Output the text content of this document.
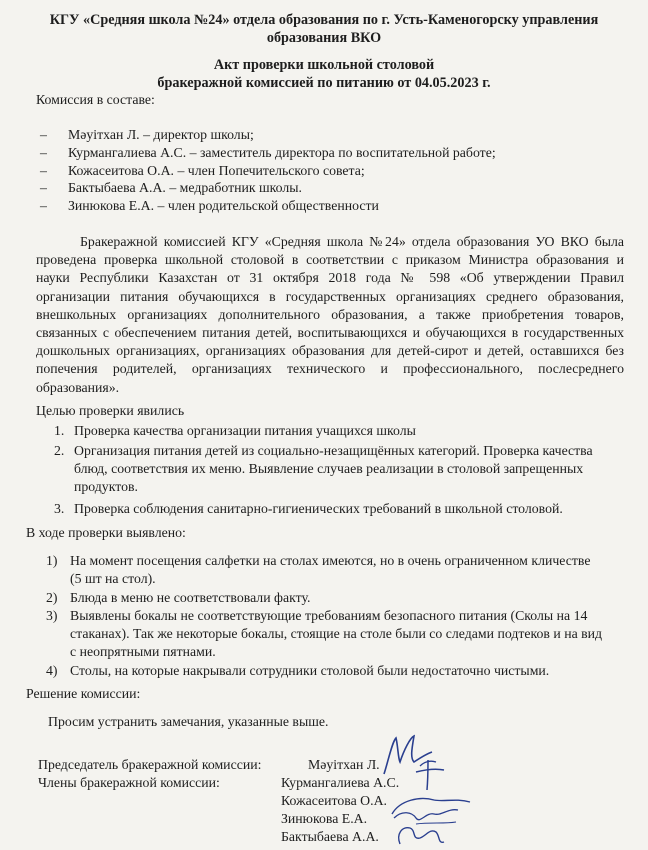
КГУ «Средняя школа №24» отдела образования по г. Усть-Каменогорску управления
образования ВКО
Акт проверки школьной столовой
бракеражной комиссией по питанию от 04.05.2023 г.
Комиссия в составе:
– Мәуітхан Л. – директор школы;
– Курмангалиева А.С. – заместитель директора по воспитательной работе;
– Кожасеитова О.А. – член Попечительского совета;
– Бактыбаева А.А. – медработник школы.
– Зинюкова Е.А. – член родительской общественности
Бракеражной комиссией КГУ «Средняя школа №24» отдела образования УО ВКО была
проведена проверка школьной столовой в соответствии с приказом Министра образования и
науки Республики Казахстан от 31 октября 2018 года № 598 «Об утверждении Правил
организации питания обучающихся в государственных организациях среднего образования,
внешкольных организациях дополнительного образования, а также приобретения товаров,
связанных с обеспечением питания детей, воспитывающихся и обучающихся в государственных
дошкольных организациях, организациях образования для детей-сирот и детей, оставшихся без
попечения родителей, организациях технического и профессионального, послесреднего
образования».
Целью проверки явились
1. Проверка качества организации питания учащихся школы
2. Организация питания детей из социально-незащищённых категорий. Проверка качества
блюд, соответствия их меню. Выявление случаев реализации в столовой запрещенных
продуктов.
3. Проверка соблюдения санитарно-гигиенических требований в школьной столовой.
В ходе проверки выявлено:
1) На момент посещения салфетки на столах имеются, но в очень ограниченном кличестве
(5 шт на стол).
2) Блюда в меню не соответствовали факту.
3) Выявлены бокалы не соответствующие требованиям безопасного питания (Сколы на 14
стаканах). Так же некоторые бокалы, стоящие на столе были со следами подтеков и на вид
с неопрятными пятнами.
4) Столы, на которые накрывали сотрудники столовой были недостаточно чистыми.
Решение комиссии:
Просим устранить замечания, указанные выше.
Председатель бракеражной комиссии:	Мәуітхан Л.
Члены бракеражной комиссии:	Курмангалиева А.С.
Кожасеитова О.А.
Зинюкова Е.А.
Бактыбаева А.А.
